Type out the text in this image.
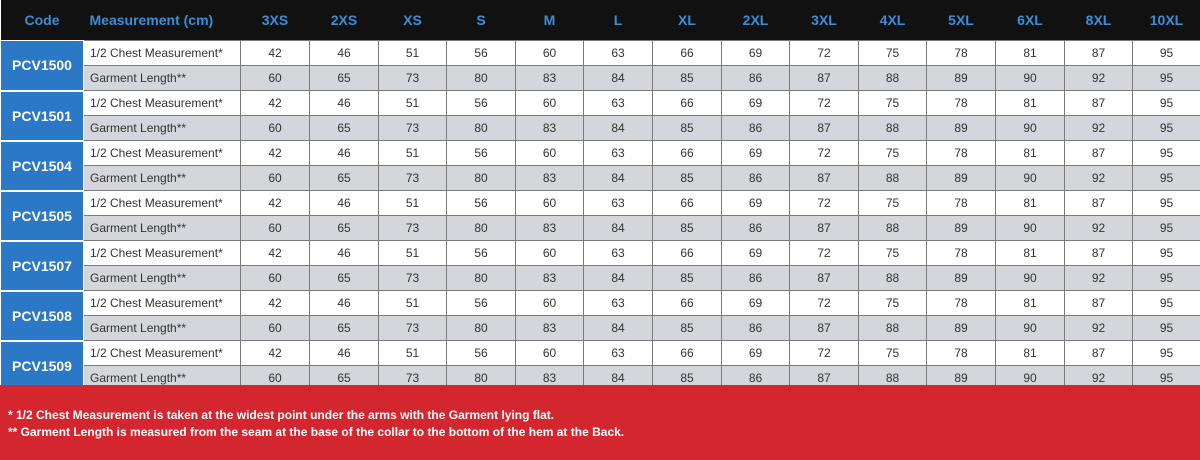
Code	Measurement (cm)	3XS	2XS	XS	S	M	L	XL	2XL	3XL	4XL	5XL	6XL	8XL	10XL
PCV1500	1/2 Chest Measurement*	42	46	51	56	60	63	66	69	72	75	78	81	87	95
	Garment Length**	60	65	73	80	83	84	85	86	87	88	89	90	92	95
PCV1501	1/2 Chest Measurement*	42	46	51	56	60	63	66	69	72	75	78	81	87	95
	Garment Length**	60	65	73	80	83	84	85	86	87	88	89	90	92	95
PCV1504	1/2 Chest Measurement*	42	46	51	56	60	63	66	69	72	75	78	81	87	95
	Garment Length**	60	65	73	80	83	84	85	86	87	88	89	90	92	95
PCV1505	1/2 Chest Measurement*	42	46	51	56	60	63	66	69	72	75	78	81	87	95
	Garment Length**	60	65	73	80	83	84	85	86	87	88	89	90	92	95
PCV1507	1/2 Chest Measurement*	42	46	51	56	60	63	66	69	72	75	78	81	87	95
	Garment Length**	60	65	73	80	83	84	85	86	87	88	89	90	92	95
PCV1508	1/2 Chest Measurement*	42	46	51	56	60	63	66	69	72	75	78	81	87	95
	Garment Length**	60	65	73	80	83	84	85	86	87	88	89	90	92	95
PCV1509	1/2 Chest Measurement*	42	46	51	56	60	63	66	69	72	75	78	81	87	95
	Garment Length**	60	65	73	80	83	84	85	86	87	88	89	90	92	95
* 1/2 Chest Measurement is taken at the widest point under the arms with the Garment lying flat.
** Garment Length is measured from the seam at the base of the collar to the bottom of the hem at the Back.
